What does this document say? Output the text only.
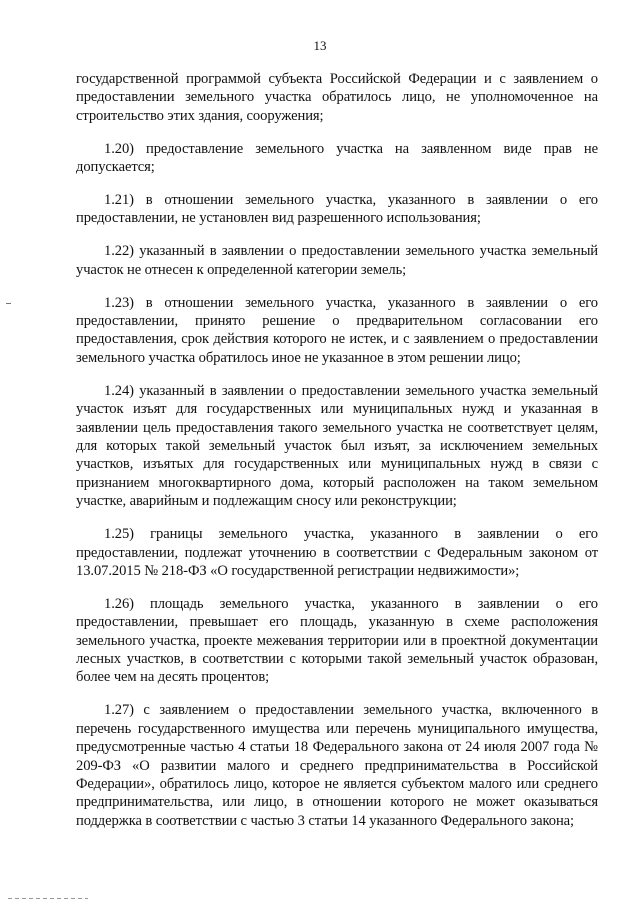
13

государственной программой субъекта Российской Федерации и с заявлением о предоставлении земельного участка обратилось лицо, не уполномоченное на строительство этих здания, сооружения;

1.20) предоставление земельного участка на заявленном виде прав не допускается;

1.21) в отношении земельного участка, указанного в заявлении о его предоставлении, не установлен вид разрешенного использования;

1.22) указанный в заявлении о предоставлении земельного участка земельный участок не отнесен к определенной категории земель;

1.23) в отношении земельного участка, указанного в заявлении о его предоставлении, принято решение о предварительном согласовании его предоставления, срок действия которого не истек, и с заявлением о предоставлении земельного участка обратилось иное не указанное в этом решении лицо;

1.24) указанный в заявлении о предоставлении земельного участка земельный участок изъят для государственных или муниципальных нужд и указанная в заявлении цель предоставления такого земельного участка не соответствует целям, для которых такой земельный участок был изъят, за исключением земельных участков, изъятых для государственных или муниципальных нужд в связи с признанием многоквартирного дома, который расположен на таком земельном участке, аварийным и подлежащим сносу или реконструкции;

1.25) границы земельного участка, указанного в заявлении о его предоставлении, подлежат уточнению в соответствии с Федеральным законом от 13.07.2015 № 218-ФЗ «О государственной регистрации недвижимости»;

1.26) площадь земельного участка, указанного в заявлении о его предоставлении, превышает его площадь, указанную в схеме расположения земельного участка, проекте межевания территории или в проектной документации лесных участков, в соответствии с которыми такой земельный участок образован, более чем на десять процентов;

1.27) с заявлением о предоставлении земельного участка, включенного в перечень государственного имущества или перечень муниципального имущества, предусмотренные частью 4 статьи 18 Федерального закона от 24 июля 2007 года № 209-ФЗ «О развитии малого и среднего предпринимательства в Российской Федерации», обратилось лицо, которое не является субъектом малого или среднего предпринимательства, или лицо, в отношении которого не может оказываться поддержка в соответствии с частью 3 статьи 14 указанного Федерального закона;
